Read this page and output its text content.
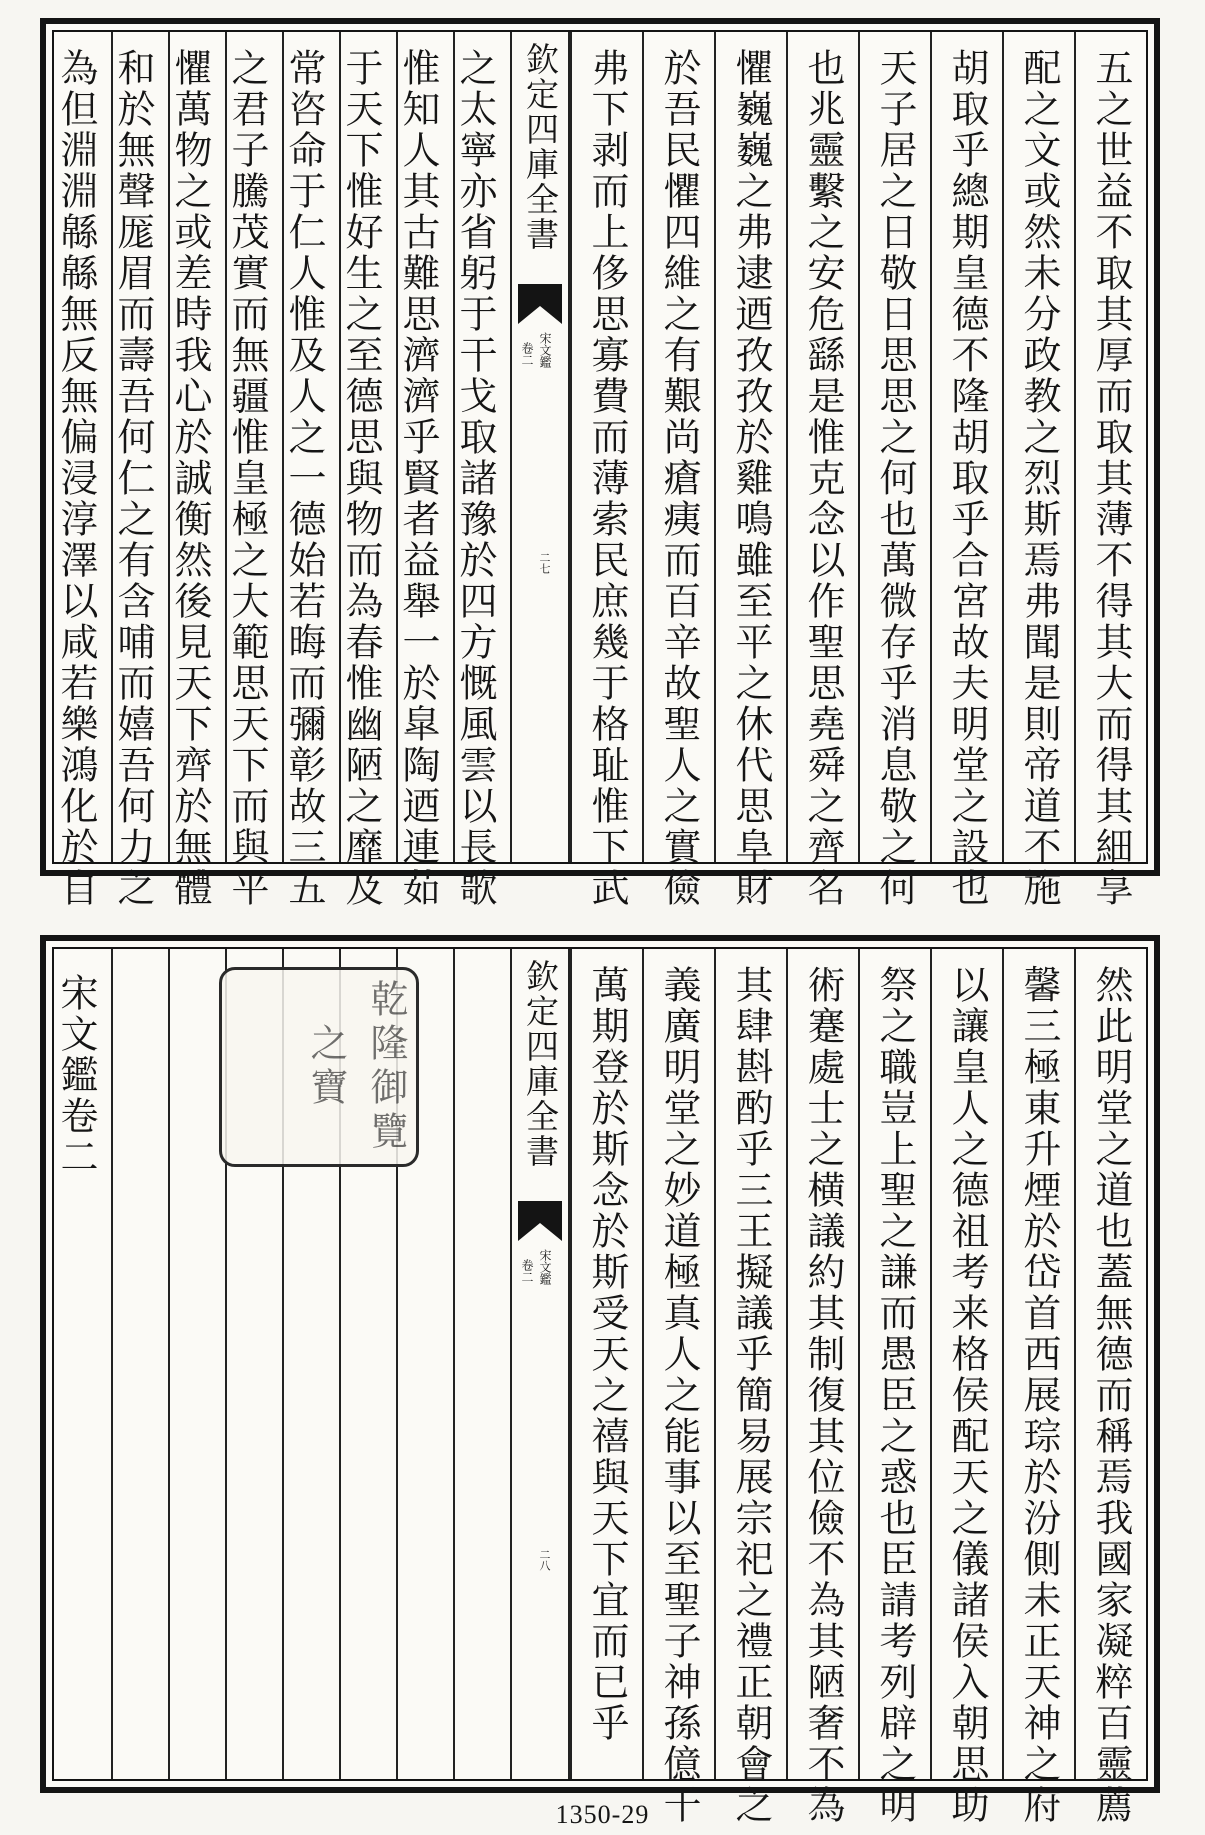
為但淵淵緜緜無反無偏浸淳澤以咸若樂鴻化於自 和於無聲厖眉而壽吾何仁之有含哺而嬉吾何力之 懼萬物之或差時我心於誠衡然後見天下齊於無體 之君子騰茂實而無疆惟皇極之大範思天下而與平 常咨命于仁人惟及人之一德始若晦而彌彰故三五 于天下惟好生之至德思與物而為春惟幽陋之靡及 惟知人其古難思濟濟乎賢者益舉一於皐陶迺連茹 之太寧亦省躬于干戈取諸豫於四方慨風雲以長歌 欽定四庫全書
卷二 宋文鑑
二七 弗下剥而上侈思寡費而薄索民庶幾于格耻惟下武 於吾民懼四維之有艱尚瘡痍而百辛故聖人之實儉 懼巍巍之弗逮迺孜孜於雞鳴雖至平之休代思阜財 也兆靈繫之安危繇是惟克念以作聖思堯舜之齊名 天子居之日敬日思思之何也萬微存乎消息敬之何 胡取乎總期皇德不隆胡取乎合宮故夫明堂之設也 配之文或然未分政教之烈斯焉弗聞是則帝道不施 五之世益不取其厚而取其薄不得其大而得其細享
宋文鑑卷二	乾隆御覽之寶	欽定四庫全書
卷二 宋文鑑
二八 萬期登於斯念於斯受天之禧與天下宜而已乎 義廣明堂之妙道極真人之能事以至聖子神孫億千 其肆斟酌乎三王擬議乎簡易展宗祀之禮正朝會之 術蹇處士之横議約其制復其位儉不為其陋奢不為 祭之職豈上聖之謙而愚臣之惑也臣請考列辟之明 以讓皇人之德祖考来格侯配天之儀諸侯入朝思助 馨三極東升煙於岱首西展琮於汾側未正天神之府 然此明堂之道也蓋無德而稱焉我國家凝粹百靈薦
1350-29
